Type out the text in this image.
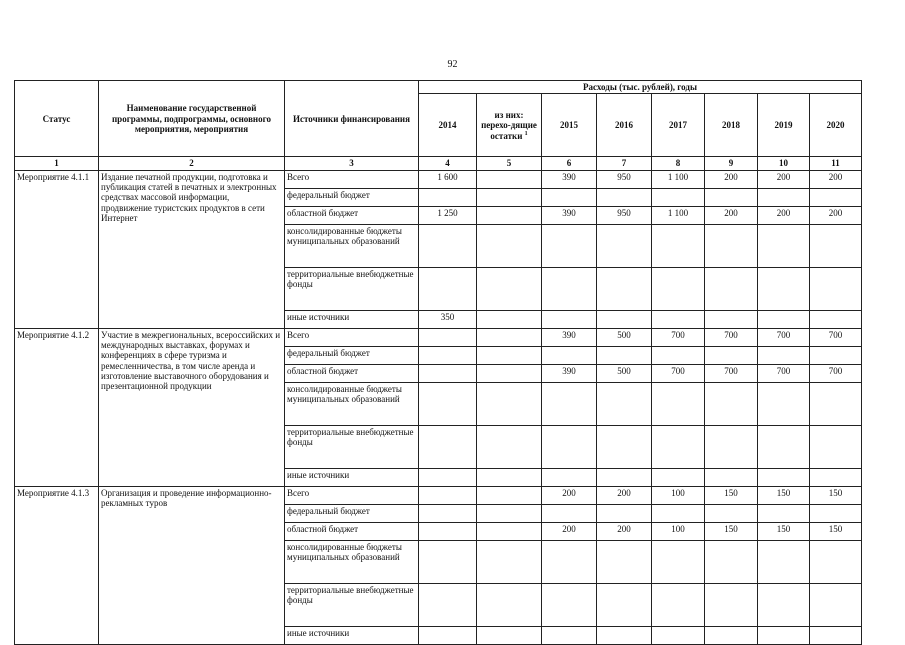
92
Статус	Наименование государственной программы, подпрограммы, основного мероприятия, мероприятия	Источники финансирования	Расходы (тыс. рублей), годы							
			2014	из них: перехо-дящие остатки $^1$	2015	2016	2017	2018	2019	2020
1	2	3	4	5	6	7	8	9	10	11
Мероприятие 4.1.1	Издание печатной продукции, подготовка и публикация статей в печатных и электронных средствах массовой информации, продвижение туристских продуктов в сети Интернет	Всего	1 600		390	950	1 100	200	200	200
		федеральный бюджет								
		областной бюджет	1 250		390	950	1 100	200	200	200
		консолидированные бюджеты муниципальных образований								
		территориальные внебюджетные фонды								
		иные источники	350							
Мероприятие 4.1.2	Участие в межрегиональных, всероссийских и международных выставках, форумах и конференциях в сфере туризма и ремесленничества, в том числе аренда и изготовление выставочного оборудования и презентационной продукции	Всего			390	500	700	700	700	700
		федеральный бюджет								
		областной бюджет			390	500	700	700	700	700
		консолидированные бюджеты муниципальных образований								
		территориальные внебюджетные фонды								
		иные источники								
Мероприятие 4.1.3	Организация и проведение информационно-рекламных туров	Всего			200	200	100	150	150	150
		федеральный бюджет								
		областной бюджет			200	200	100	150	150	150
		консолидированные бюджеты муниципальных образований								
		территориальные внебюджетные фонды								
		иные источники								
